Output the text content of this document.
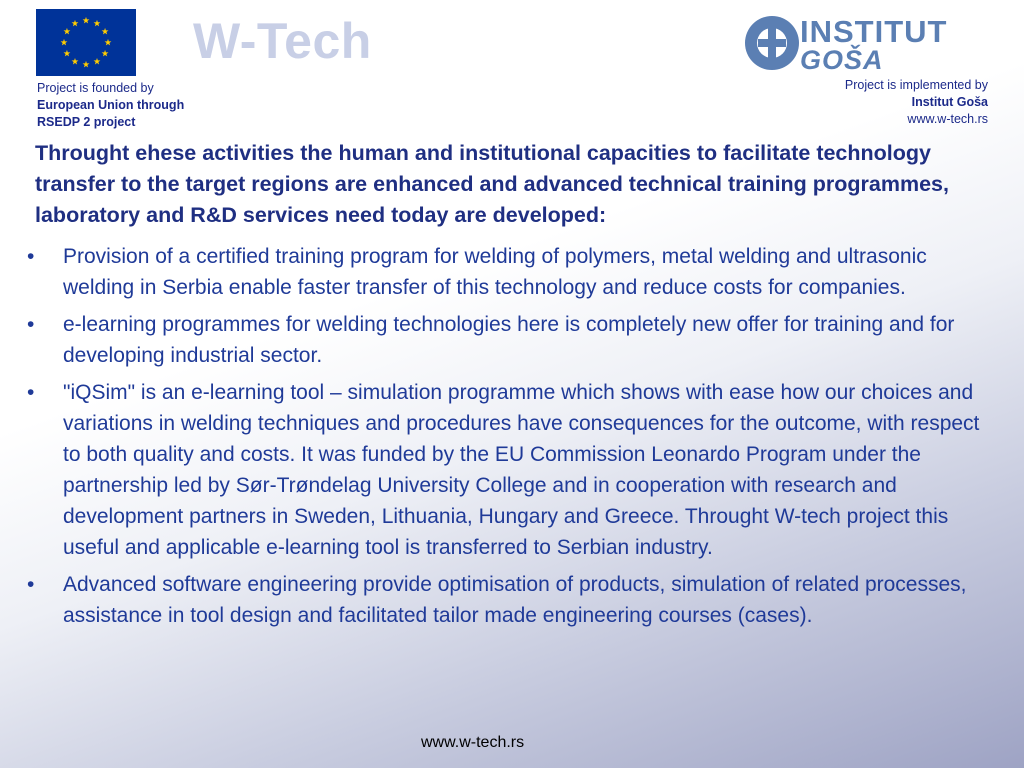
Project is founded by
European Union through
RSEDP 2 project
W-Tech	INSTITUT
GOŠA
Project is implemented by
Institut Goša
www.w-tech.rs
Throught ehese activities the human and institutional capacities to facilitate technology transfer to the target regions are enhanced and advanced technical training programmes, laboratory and R&D services need today are developed:
• Provision of a certified training program for welding of polymers, metal welding and ultrasonic welding in Serbia enable faster transfer of this technology and reduce costs for companies.
• e-learning programmes for welding technologies here is completely new offer for training and for developing industrial sector.
• "iQSim" is an e-learning tool – simulation programme which shows with ease how our choices and variations in welding techniques and procedures have consequences for the outcome, with respect to both quality and costs. It was funded by the EU Commission Leonardo Program under the partnership led by Sør-Trøndelag University College and in cooperation with research and development partners in Sweden, Lithuania, Hungary and Greece. Throught W-tech project this useful and applicable e-learning tool is transferred to Serbian industry.
• Advanced software engineering provide optimisation of products, simulation of related processes, assistance in tool design and facilitated tailor made engineering courses (cases).
www.w-tech.rs
